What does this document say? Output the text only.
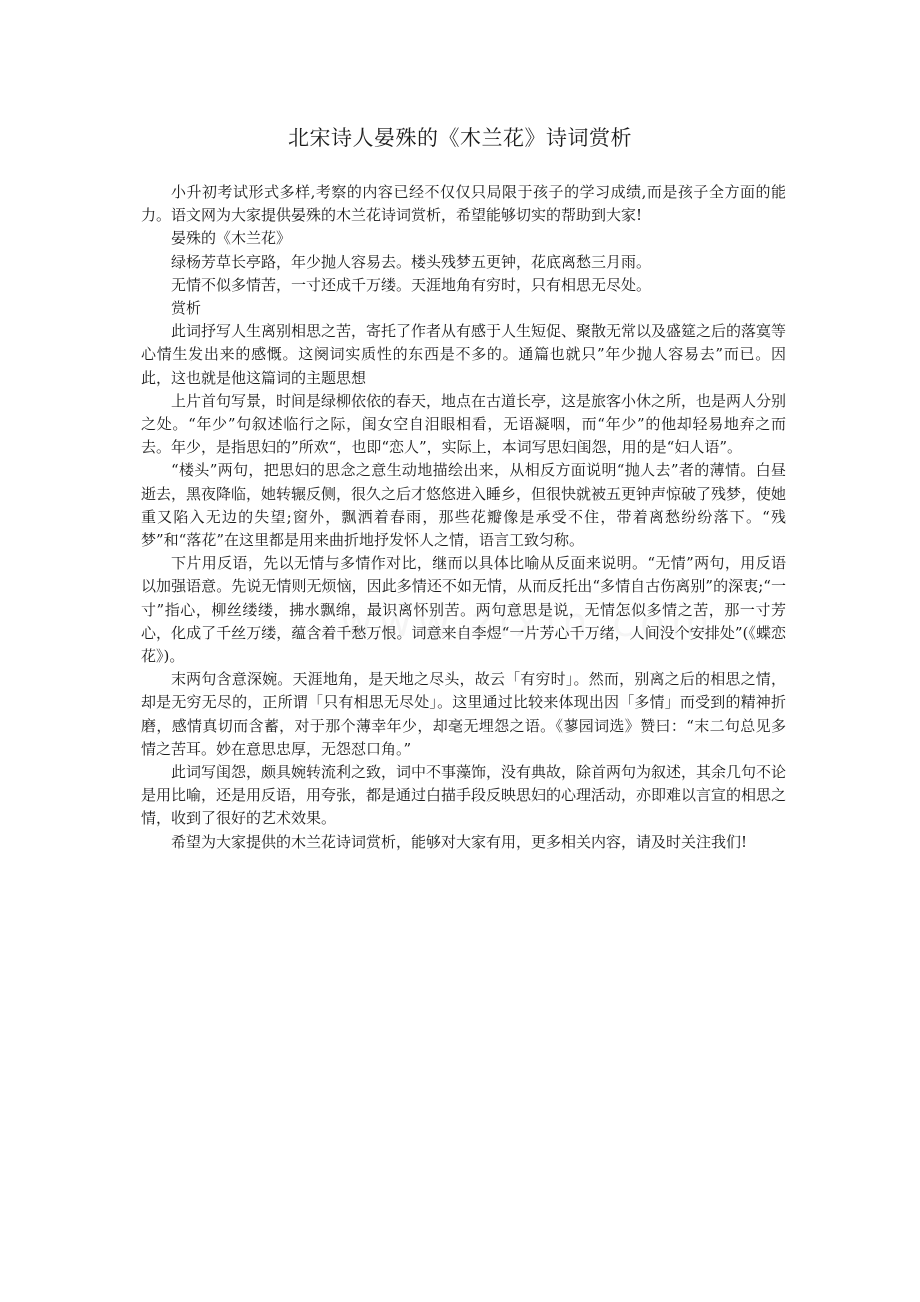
北宋诗人晏殊的《木兰花》诗词赏析

小升初考试形式多样,考察的内容已经不仅仅只局限于孩子的学习成绩,而是孩子全方面的能力。语文网为大家提供晏殊的木兰花诗词赏析，希望能够切实的帮助到大家!

晏殊的《木兰花》

绿杨芳草长亭路，年少抛人容易去。楼头残梦五更钟，花底离愁三月雨。

无情不似多情苦，一寸还成千万缕。天涯地角有穷时，只有相思无尽处。

赏析

此词抒写人生离别相思之苦，寄托了作者从有感于人生短促、聚散无常以及盛筵之后的落寞等心情生发出来的感慨。这阕词实质性的东西是不多的。通篇也就只”年少抛人容易去”而已。因此，这也就是他这篇词的主题思想

上片首句写景，时间是绿柳依依的春天，地点在古道长亭，这是旅客小休之所，也是两人分别之处。“年少”句叙述临行之际，闺女空自泪眼相看，无语凝咽，而“年少”的他却轻易地弃之而去。年少，是指思妇的”所欢“，也即“恋人”，实际上，本词写思妇闺怨，用的是“妇人语”。

“楼头”两句，把思妇的思念之意生动地描绘出来，从相反方面说明“抛人去”者的薄情。白昼逝去，黑夜降临，她转辗反侧，很久之后才悠悠进入睡乡，但很快就被五更钟声惊破了残梦，使她重又陷入无边的失望;窗外，飘洒着春雨，那些花瓣像是承受不住，带着离愁纷纷落下。“残梦”和“落花”在这里都是用来曲折地抒发怀人之情，语言工致匀称。

下片用反语，先以无情与多情作对比，继而以具体比喻从反面来说明。“无情”两句，用反语以加强语意。先说无情则无烦恼，因此多情还不如无情，从而反托出“多情自古伤离别”的深衷;“一寸”指心，柳丝缕缕，拂水飘绵，最识离怀别苦。两句意思是说，无情怎似多情之苦，那一寸芳心，化成了千丝万缕，蕴含着千愁万恨。词意来自李煜“一片芳心千万绪，人间没个安排处”(《蝶恋花》)。

末两句含意深婉。天涯地角，是天地之尽头，故云「有穷时」。然而，别离之后的相思之情，却是无穷无尽的，正所谓「只有相思无尽处」。这里通过比较来体现出因「多情」而受到的精神折磨，感情真切而含蓄，对于那个薄幸年少，却毫无埋怨之语。《蓼园词选》赞曰：“末二句总见多情之苦耳。妙在意思忠厚，无怨怼口角。”

此词写闺怨，颇具婉转流利之致，词中不事藻饰，没有典故，除首两句为叙述，其余几句不论是用比喻，还是用反语，用夸张，都是通过白描手段反映思妇的心理活动，亦即难以言宣的相思之情，收到了很好的艺术效果。

希望为大家提供的木兰花诗词赏析，能够对大家有用，更多相关内容，请及时关注我们!
